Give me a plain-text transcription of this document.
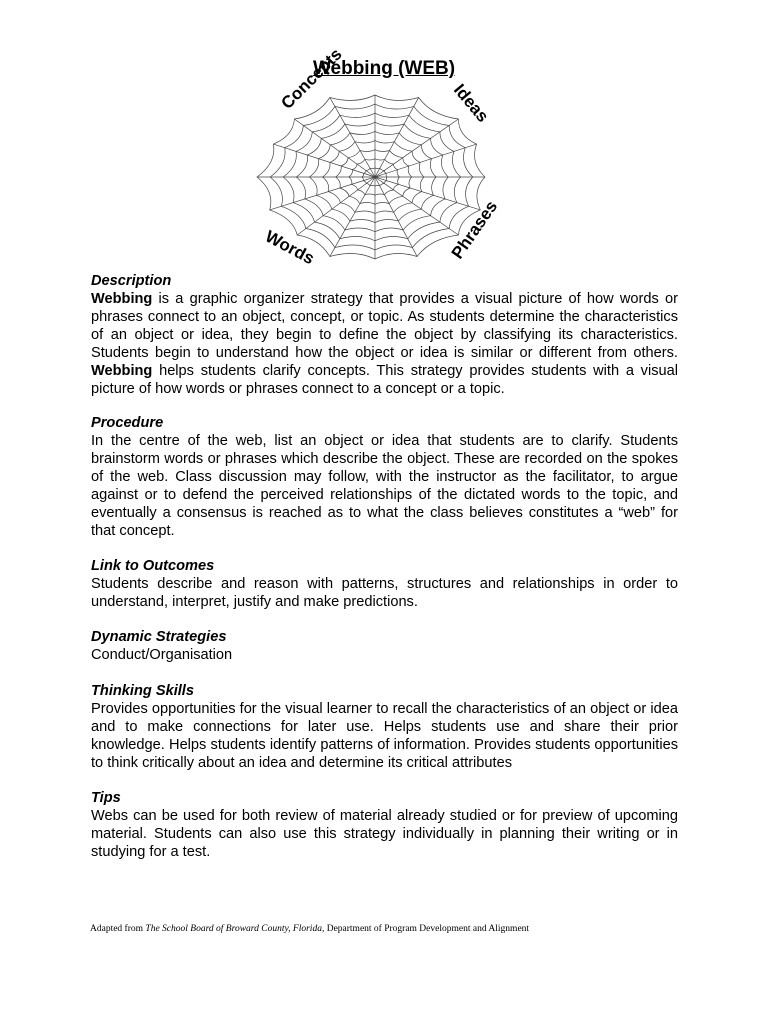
Webbing (WEB)
Concepts	Ideas
Words	Phrases
Description
Webbing is a graphic organizer strategy that provides a visual picture of how words or phrases connect to an object, concept, or topic. As students determine the characteristics of an object or idea, they begin to define the object by classifying its characteristics. Students begin to understand how the object or idea is similar or different from others. Webbing helps students clarify concepts. This strategy provides students with a visual picture of how words or phrases connect to a concept or a topic.
Procedure
In the centre of the web, list an object or idea that students are to clarify. Students brainstorm words or phrases which describe the object. These are recorded on the spokes of the web. Class discussion may follow, with the instructor as the facilitator, to argue against or to defend the perceived relationships of the dictated words to the topic, and eventually a consensus is reached as to what the class believes constitutes a “web” for that concept.
Link to Outcomes
Students describe and reason with patterns, structures and relationships in order to understand, interpret, justify and make predictions.
Dynamic Strategies
Conduct/Organisation
Thinking Skills
Provides opportunities for the visual learner to recall the characteristics of an object or idea and to make connections for later use. Helps students use and share their prior knowledge. Helps students identify patterns of information. Provides students opportunities to think critically about an idea and determine its critical attributes
Tips
Webs can be used for both review of material already studied or for preview of upcoming material. Students can also use this strategy individually in planning their writing or in studying for a test.
Adapted from The School Board of Broward County, Florida, Department of Program Development and Alignment
